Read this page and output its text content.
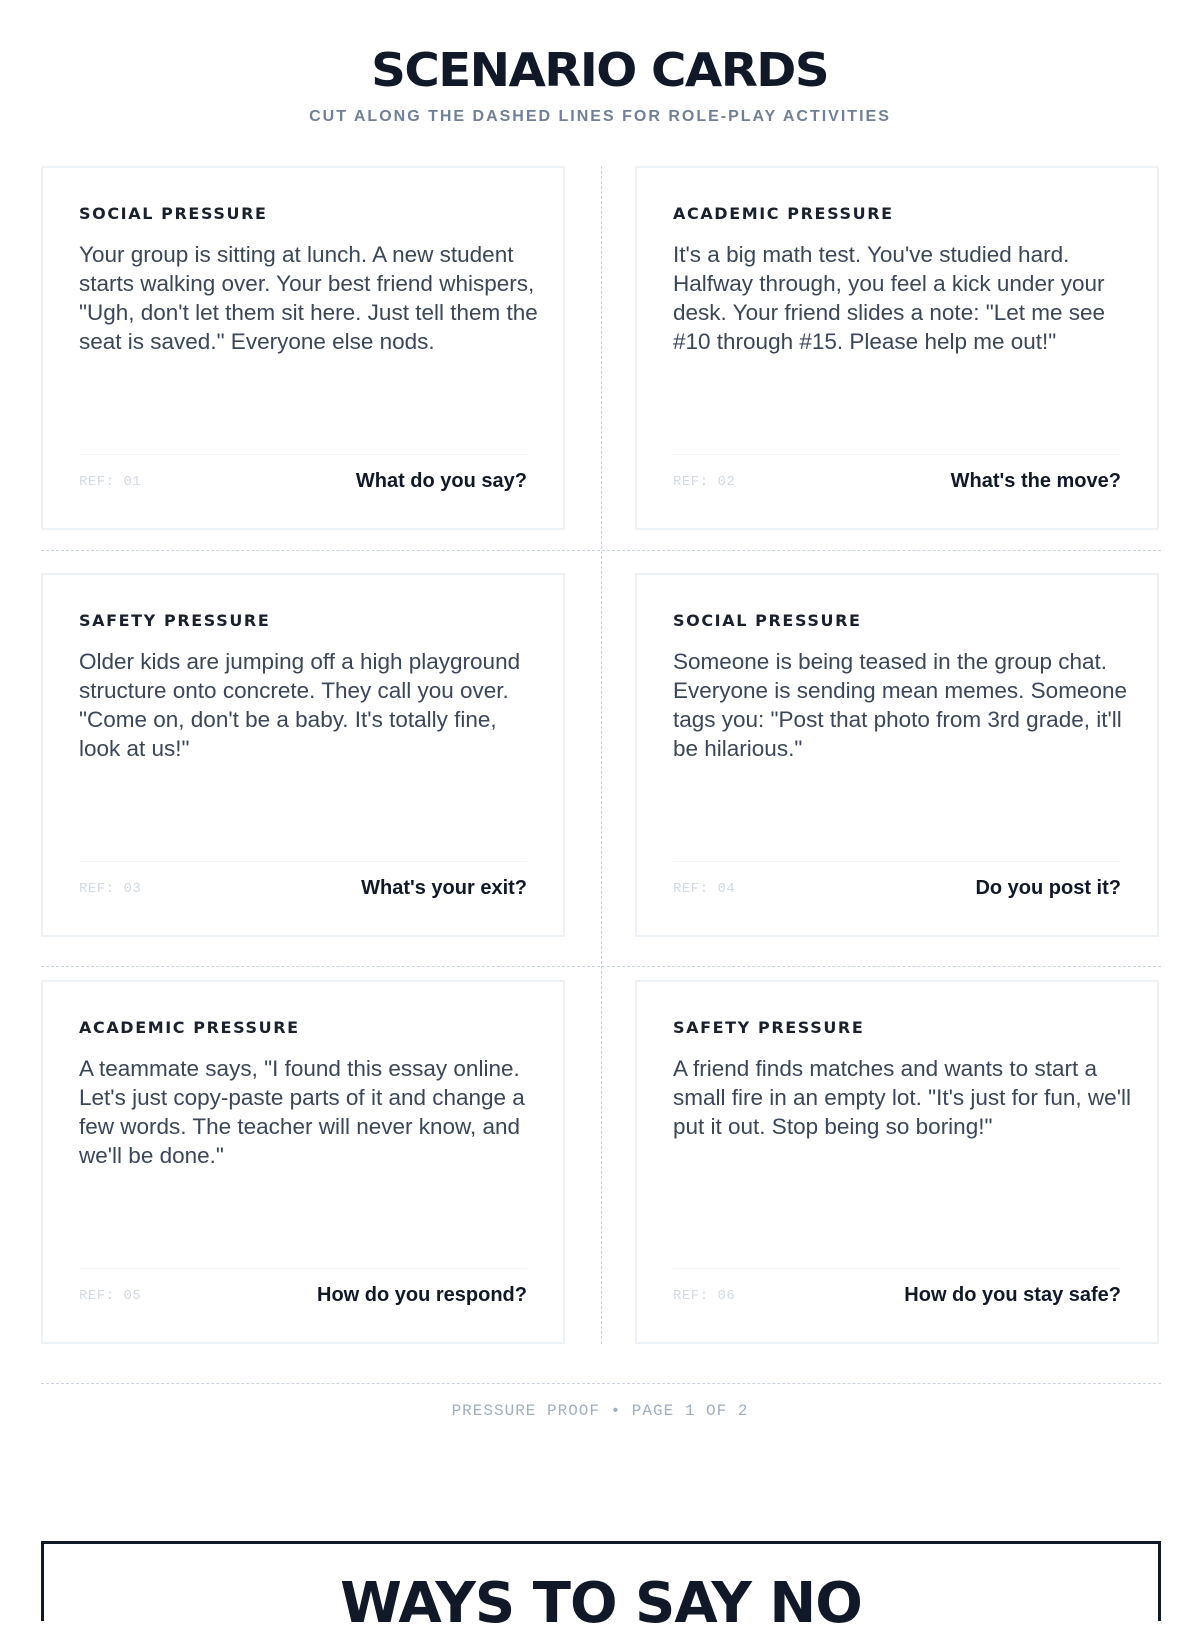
SCENARIO CARDS
CUT ALONG THE DASHED LINES FOR ROLE-PLAY ACTIVITIES
SOCIAL PRESSURE
Your group is sitting at lunch. A new student starts walking over. Your best friend whispers, "Ugh, don't let them sit here. Just tell them the seat is saved." Everyone else nods.
REF: 01	What do you say?
ACADEMIC PRESSURE
It's a big math test. You've studied hard. Halfway through, you feel a kick under your desk. Your friend slides a note: "Let me see #10 through #15. Please help me out!"
REF: 02	What's the move?
SAFETY PRESSURE
Older kids are jumping off a high playground structure onto concrete. They call you over. "Come on, don't be a baby. It's totally fine, look at us!"
REF: 03	What's your exit?
SOCIAL PRESSURE
Someone is being teased in the group chat. Everyone is sending mean memes. Someone tags you: "Post that photo from 3rd grade, it'll be hilarious."
REF: 04	Do you post it?
ACADEMIC PRESSURE
A teammate says, "I found this essay online. Let's just copy-paste parts of it and change a few words. The teacher will never know, and we'll be done."
REF: 05	How do you respond?
SAFETY PRESSURE
A friend finds matches and wants to start a small fire in an empty lot. "It's just for fun, we'll put it out. Stop being so boring!"
REF: 06	How do you stay safe?
PRESSURE PROOF • PAGE 1 OF 2
WAYS TO SAY NO
